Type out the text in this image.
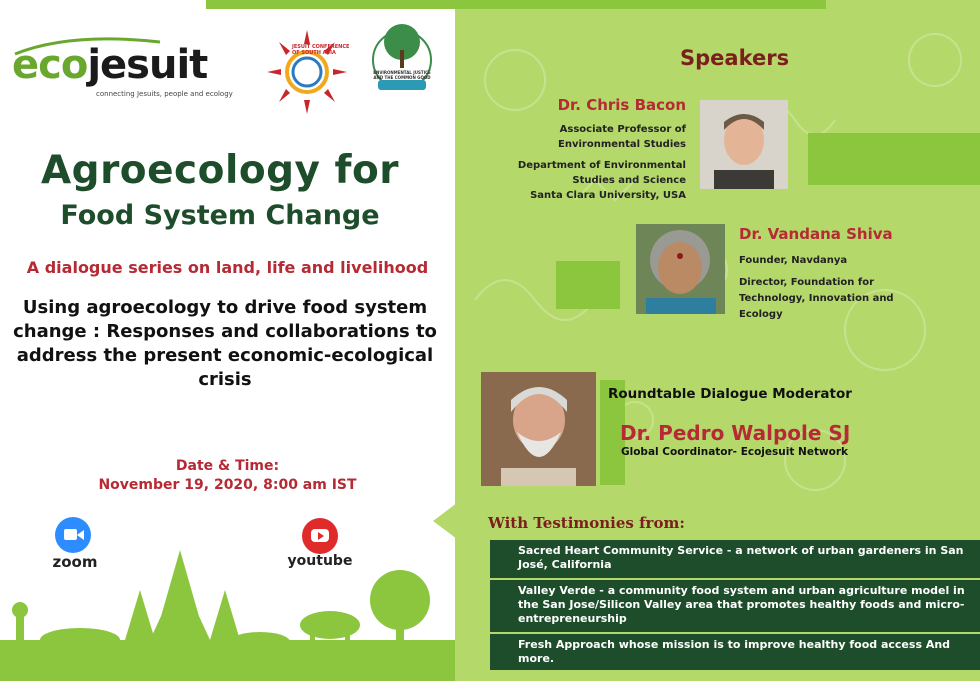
ecojesuit
connecting Jesuits, people and ecology
JESUIT CONFERENCE OF SOUTH ASIA
ENVIRONMENTAL JUSTICE AND THE COMMON GOOD
Agroecology for
Food System Change
A dialogue series on land, life and livelihood
Using agroecology to drive food system change : Responses and collaborations to address the present economic-ecological crisis
Date & Time:
November 19, 2020, 8:00 am IST
zoom	youtube
Speakers
Dr. Chris Bacon
Associate Professor of
Environmental Studies
Department of Environmental
Studies and Science
Santa Clara University, USA
Dr. Vandana Shiva
Founder, Navdanya
Director, Foundation for
Technology, Innovation and
Ecology
Roundtable Dialogue Moderator
Dr. Pedro Walpole SJ
Global Coordinator- Ecojesuit Network
With Testimonies from:
Sacred Heart Community Service - a network of urban gardeners in San José, California
Valley Verde - a community food system and urban agriculture model in the San Jose/Silicon Valley area that promotes healthy foods and micro-entrepreneurship
Fresh Approach whose mission is to improve healthy food access And more.
